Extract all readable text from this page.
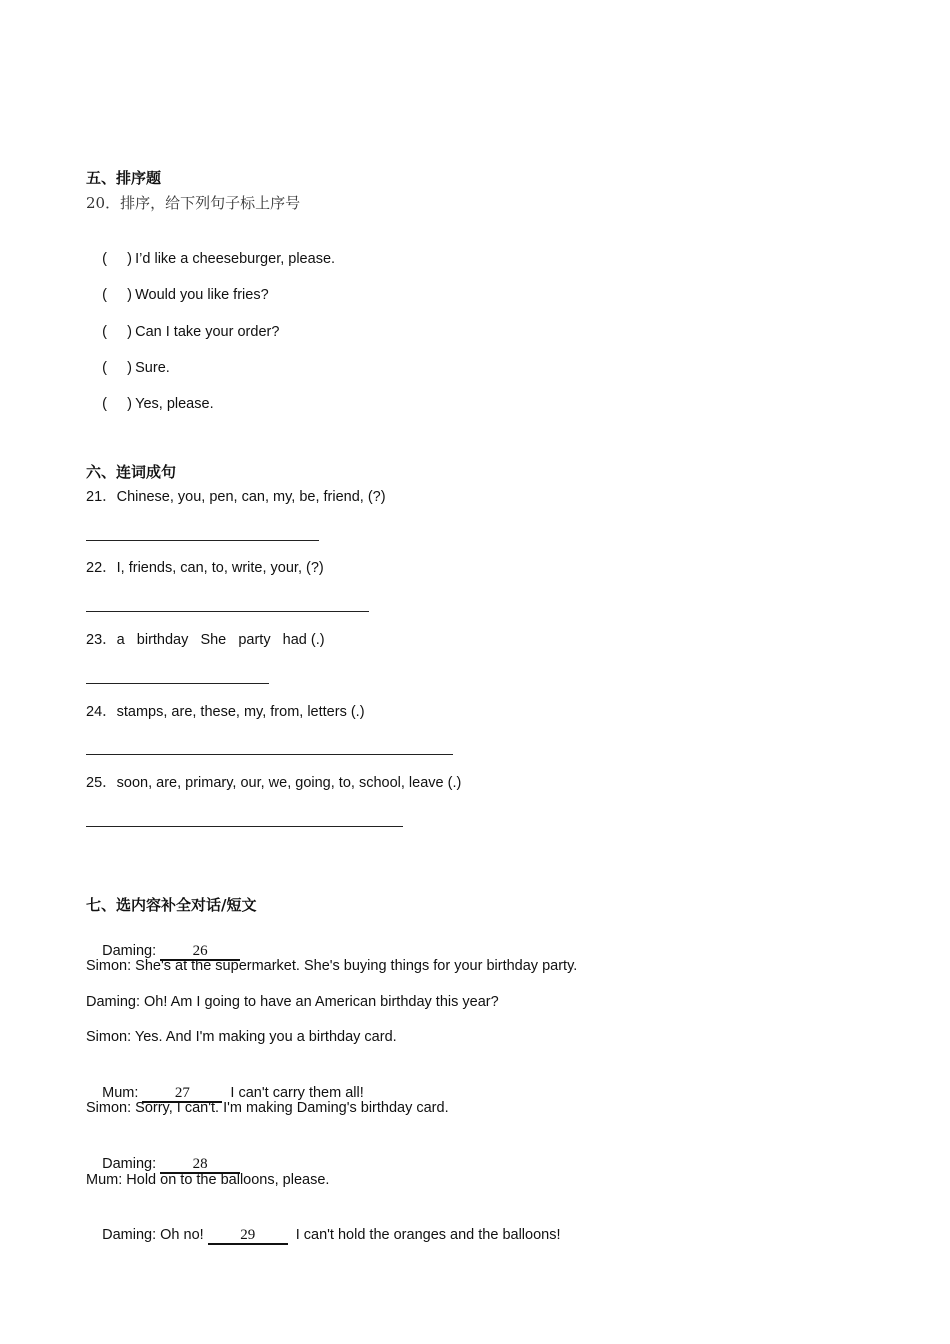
五、排序题
20．排序，给下列句子标上序号

(     ) I’d like a cheeseburger, please.

(     ) Would you like fries?

(     ) Can I take your order?

(     ) Sure.

(     ) Yes, please.

六、连词成句
21．Chinese, you, pen, can, my, be, friend, (?)
22．I, friends, can, to, write, your, (?)
23．a   birthday   She   party   had (.)
24．stamps, are, these, my, from, letters (.)
25．soon, are, primary, our, we, going, to, school, leave (.)
七、选内容补全对话/短文

Daming: 26

Simon: She's at the supermarket. She's buying things for your birthday party.
Daming: Oh! Am I going to have an American birthday this year?
Simon: Yes. And I'm making you a birthday card.

Mum: 27	I can't carry them all!

Simon: Sorry, I can't. I'm making Daming's birthday card.

Daming: 28

Mum: Hold on to the balloons, please.

Daming: Oh no! 29	I can't hold the oranges and the balloons!
